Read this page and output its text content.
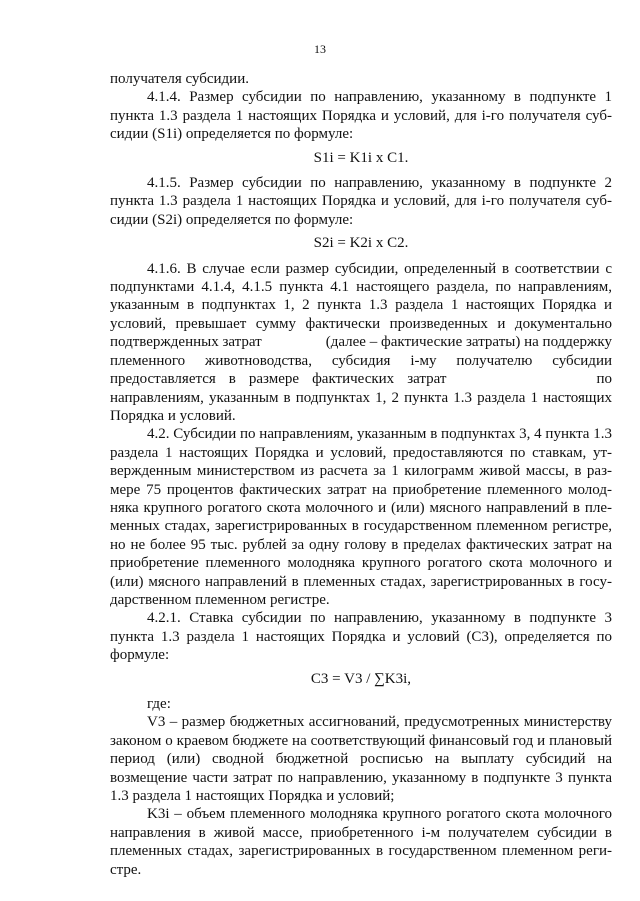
13

получателя субсидии.

4.1.4. Размер субсидии по направлению, указанному в подпункте 1 пункта 1.3 раздела 1 настоящих Порядка и условий, для i-го получателя субсидии (S1i) определяется по формуле:

S1i = K1i x C1.

4.1.5. Размер субсидии по направлению, указанному в подпункте 2 пункта 1.3 раздела 1 настоящих Порядка и условий, для i-го получателя субсидии (S2i) определяется по формуле:

S2i = K2i x C2.

4.1.6. В случае если размер субсидии, определенный в соответствии с подпунктами 4.1.4, 4.1.5 пункта 4.1 настоящего раздела, по направлениям, указанным в подпунктах 1, 2 пункта 1.3 раздела 1 настоящих Порядка и условий, превышает сумму фактически произведенных и документально подтвержденных затрат	(далее – фактические затраты) на поддержку племенного животноводства, субсидия i-му получателю субсидии предоставляется в размере фактических затрат	по направлениям, указанным в подпунктах 1, 2 пункта 1.3 раздела 1 настоящих Порядка и условий.

4.2. Субсидии по направлениям, указанным в подпунктах 3, 4 пункта 1.3 раздела 1 настоящих Порядка и условий, предоставляются по ставкам, утвержденным министерством из расчета за 1 килограмм живой массы, в размере 75 процентов фактических затрат на приобретение племенного молодняка крупного рогатого скота молочного и (или) мясного направлений в племенных стадах, зарегистрированных в государственном племенном регистре, но не более 95 тыс. рублей за одну голову в пределах фактических затрат на приобретение племенного молодняка крупного рогатого скота молочного и (или) мясного направлений в племенных стадах, зарегистрированных в государственном племенном регистре.

4.2.1. Ставка субсидии по направлению, указанному в подпункте 3 пункта 1.3 раздела 1 настоящих Порядка и условий (C3), определяется по формуле:

C3 = V3 / ∑K3i,

где:

V3 – размер бюджетных ассигнований, предусмотренных министерству законом о краевом бюджете на соответствующий финансовый год и плановый период (или) сводной бюджетной росписью на выплату субсидий на возмещение части затрат по направлению, указанному в подпункте 3 пункта 1.3 раздела 1 настоящих Порядка и условий;

K3i – объем племенного молодняка крупного рогатого скота молочного направления в живой массе, приобретенного i-м получателем субсидии в племенных стадах, зарегистрированных в государственном племенном регистре.
